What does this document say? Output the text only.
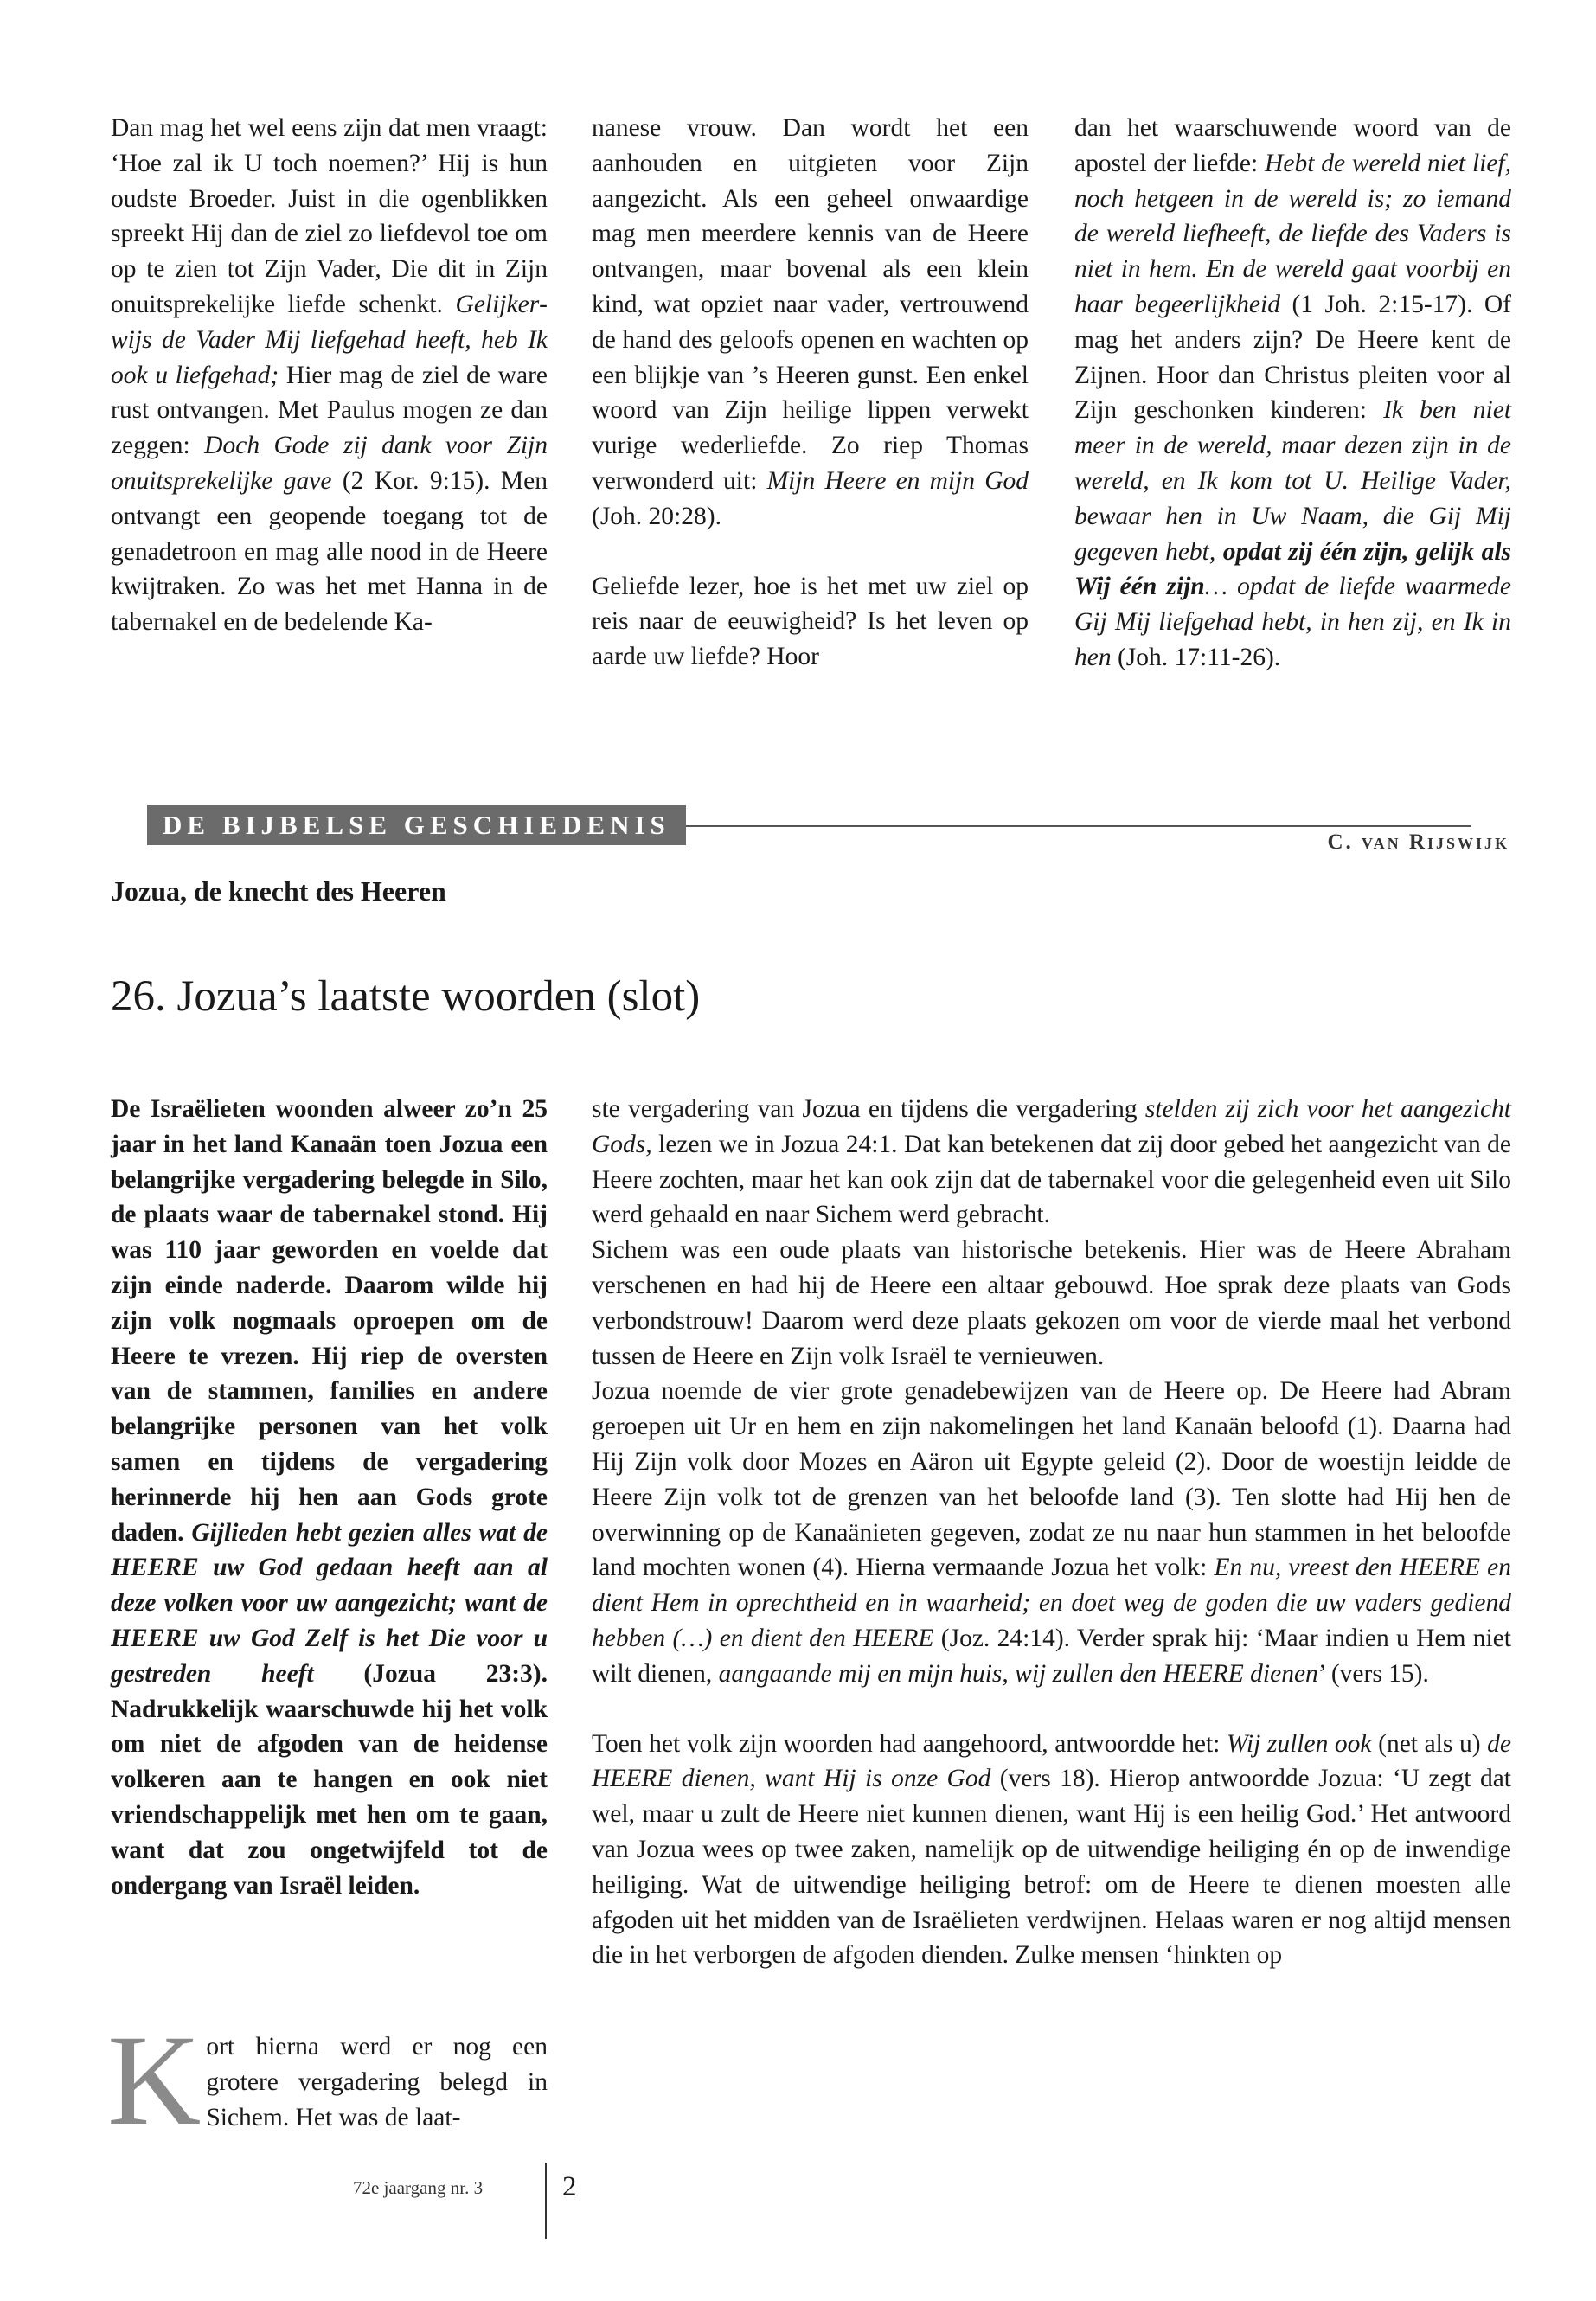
Dan mag het wel eens zijn dat men vraagt: ‘Hoe zal ik U toch noemen?’ Hij is hun oudste Broeder. Juist in die ogenblikken spreekt Hij dan de ziel zo liefdevol toe om op te zien tot Zijn Vader, Die dit in Zijn onuitsprekelijke liefde schenkt. Gelijkerwijs de Vader Mij liefgehad heeft, heb Ik ook u liefgehad; Hier mag de ziel de ware rust ontvangen. Met Paulus mogen ze dan zeggen: Doch Gode zij dank voor Zijn onuitsprekelijke gave (2 Kor. 9:15). Men ontvangt een geopende toegang tot de genadetroon en mag alle nood in de Heere kwijtraken. Zo was het met Hanna in de tabernakel en de bedelende Ka-

nanese vrouw. Dan wordt het een aanhouden en uitgieten voor Zijn aangezicht. Als een geheel onwaardige mag men meerdere kennis van de Heere ontvangen, maar bovenal als een klein kind, wat opziet naar vader, vertrouwend de hand des geloofs openen en wachten op een blijkje van ’s Heeren gunst. Een enkel woord van Zijn heilige lippen verwekt vurige wederliefde. Zo riep Thomas verwonderd uit: Mijn Heere en mijn God (Joh. 20:28).

Geliefde lezer, hoe is het met uw ziel op reis naar de eeuwigheid? Is het leven op aarde uw liefde? Hoor

dan het waarschuwende woord van de apostel der liefde: Hebt de wereld niet lief, noch hetgeen in de wereld is; zo iemand de wereld liefheeft, de liefde des Vaders is niet in hem. En de wereld gaat voorbij en haar begeerlijkheid (1 Joh. 2:15-17). Of mag het anders zijn? De Heere kent de Zijnen. Hoor dan Christus pleiten voor al Zijn geschonken kinderen: Ik ben niet meer in de wereld, maar dezen zijn in de wereld, en Ik kom tot U. Heilige Vader, bewaar hen in Uw Naam, die Gij Mij gegeven hebt, opdat zij één zijn, gelijk als Wij één zijn… opdat de liefde waarmede Gij Mij liefgehad hebt, in hen zij, en Ik in hen (Joh. 17:11-26).

DE BIJBELSE GESCHIEDENIS
C. van Rijswijk
Jozua, de knecht des Heeren
26. Jozua’s laatste woorden (slot)
De Israëlieten woonden alweer zo’n 25 jaar in het land Kanaän toen Jozua een belangrijke vergadering belegde in Silo, de plaats waar de tabernakel stond. Hij was 110 jaar geworden en voelde dat zijn einde naderde. Daarom wilde hij zijn volk nogmaals oproepen om de Heere te vrezen. Hij riep de oversten van de stammen, families en andere belangrijke personen van het volk samen en tijdens de vergadering herinnerde hij hen aan Gods grote daden. Gijlieden hebt gezien alles wat de HEERE uw God gedaan heeft aan al deze volken voor uw aangezicht; want de HEERE uw God Zelf is het Die voor u gestreden heeft (Jozua 23:3). Nadrukkelijk waarschuwde hij het volk om niet de afgoden van de heidense volkeren aan te hangen en ook niet vriendschappelijk met hen om te gaan, want dat zou ongetwijfeld tot de ondergang van Israël leiden.
Kort hierna werd er nog een grotere vergadering belegd in Sichem. Het was de laat-

ste vergadering van Jozua en tijdens die vergadering stelden zij zich voor het aangezicht Gods, lezen we in Jozua 24:1. Dat kan betekenen dat zij door gebed het aangezicht van de Heere zochten, maar het kan ook zijn dat de tabernakel voor die gelegenheid even uit Silo werd gehaald en naar Sichem werd gebracht.

Sichem was een oude plaats van historische betekenis. Hier was de Heere Abraham verschenen en had hij de Heere een altaar gebouwd. Hoe sprak deze plaats van Gods verbondstrouw! Daarom werd deze plaats gekozen om voor de vierde maal het verbond tussen de Heere en Zijn volk Israël te vernieuwen.

Jozua noemde de vier grote genadebewijzen van de Heere op. De Heere had Abram geroepen uit Ur en hem en zijn nakomelingen het land Kanaän beloofd (1). Daarna had Hij Zijn volk door Mozes en Aäron uit Egypte geleid (2). Door de woestijn leidde de Heere Zijn volk tot de grenzen van het beloofde land (3). Ten slotte had Hij hen de overwinning op de Kanaänieten gegeven, zodat ze nu naar hun stammen in het beloofde land mochten wonen (4). Hierna vermaande Jozua het volk: En nu, vreest den HEERE en dient Hem in oprechtheid en in waarheid; en doet weg de goden die uw vaders gediend hebben (…) en dient den HEERE (Joz. 24:14). Verder sprak hij: ‘Maar indien u Hem niet wilt dienen, aangaande mij en mijn huis, wij zullen den HEERE dienen’ (vers 15).

Toen het volk zijn woorden had aangehoord, antwoordde het: Wij zullen ook (net als u) de HEERE dienen, want Hij is onze God (vers 18). Hierop antwoordde Jozua: ‘U zegt dat wel, maar u zult de Heere niet kunnen dienen, want Hij is een heilig God.’ Het antwoord van Jozua wees op twee zaken, namelijk op de uitwendige heiliging én op de inwendige heiliging. Wat de uitwendige heiliging betrof: om de Heere te dienen moesten alle afgoden uit het midden van de Israëlieten verdwijnen. Helaas waren er nog altijd mensen die in het verborgen de afgoden dienden. Zulke mensen ‘hinkten op

72e jaargang nr. 3	2
